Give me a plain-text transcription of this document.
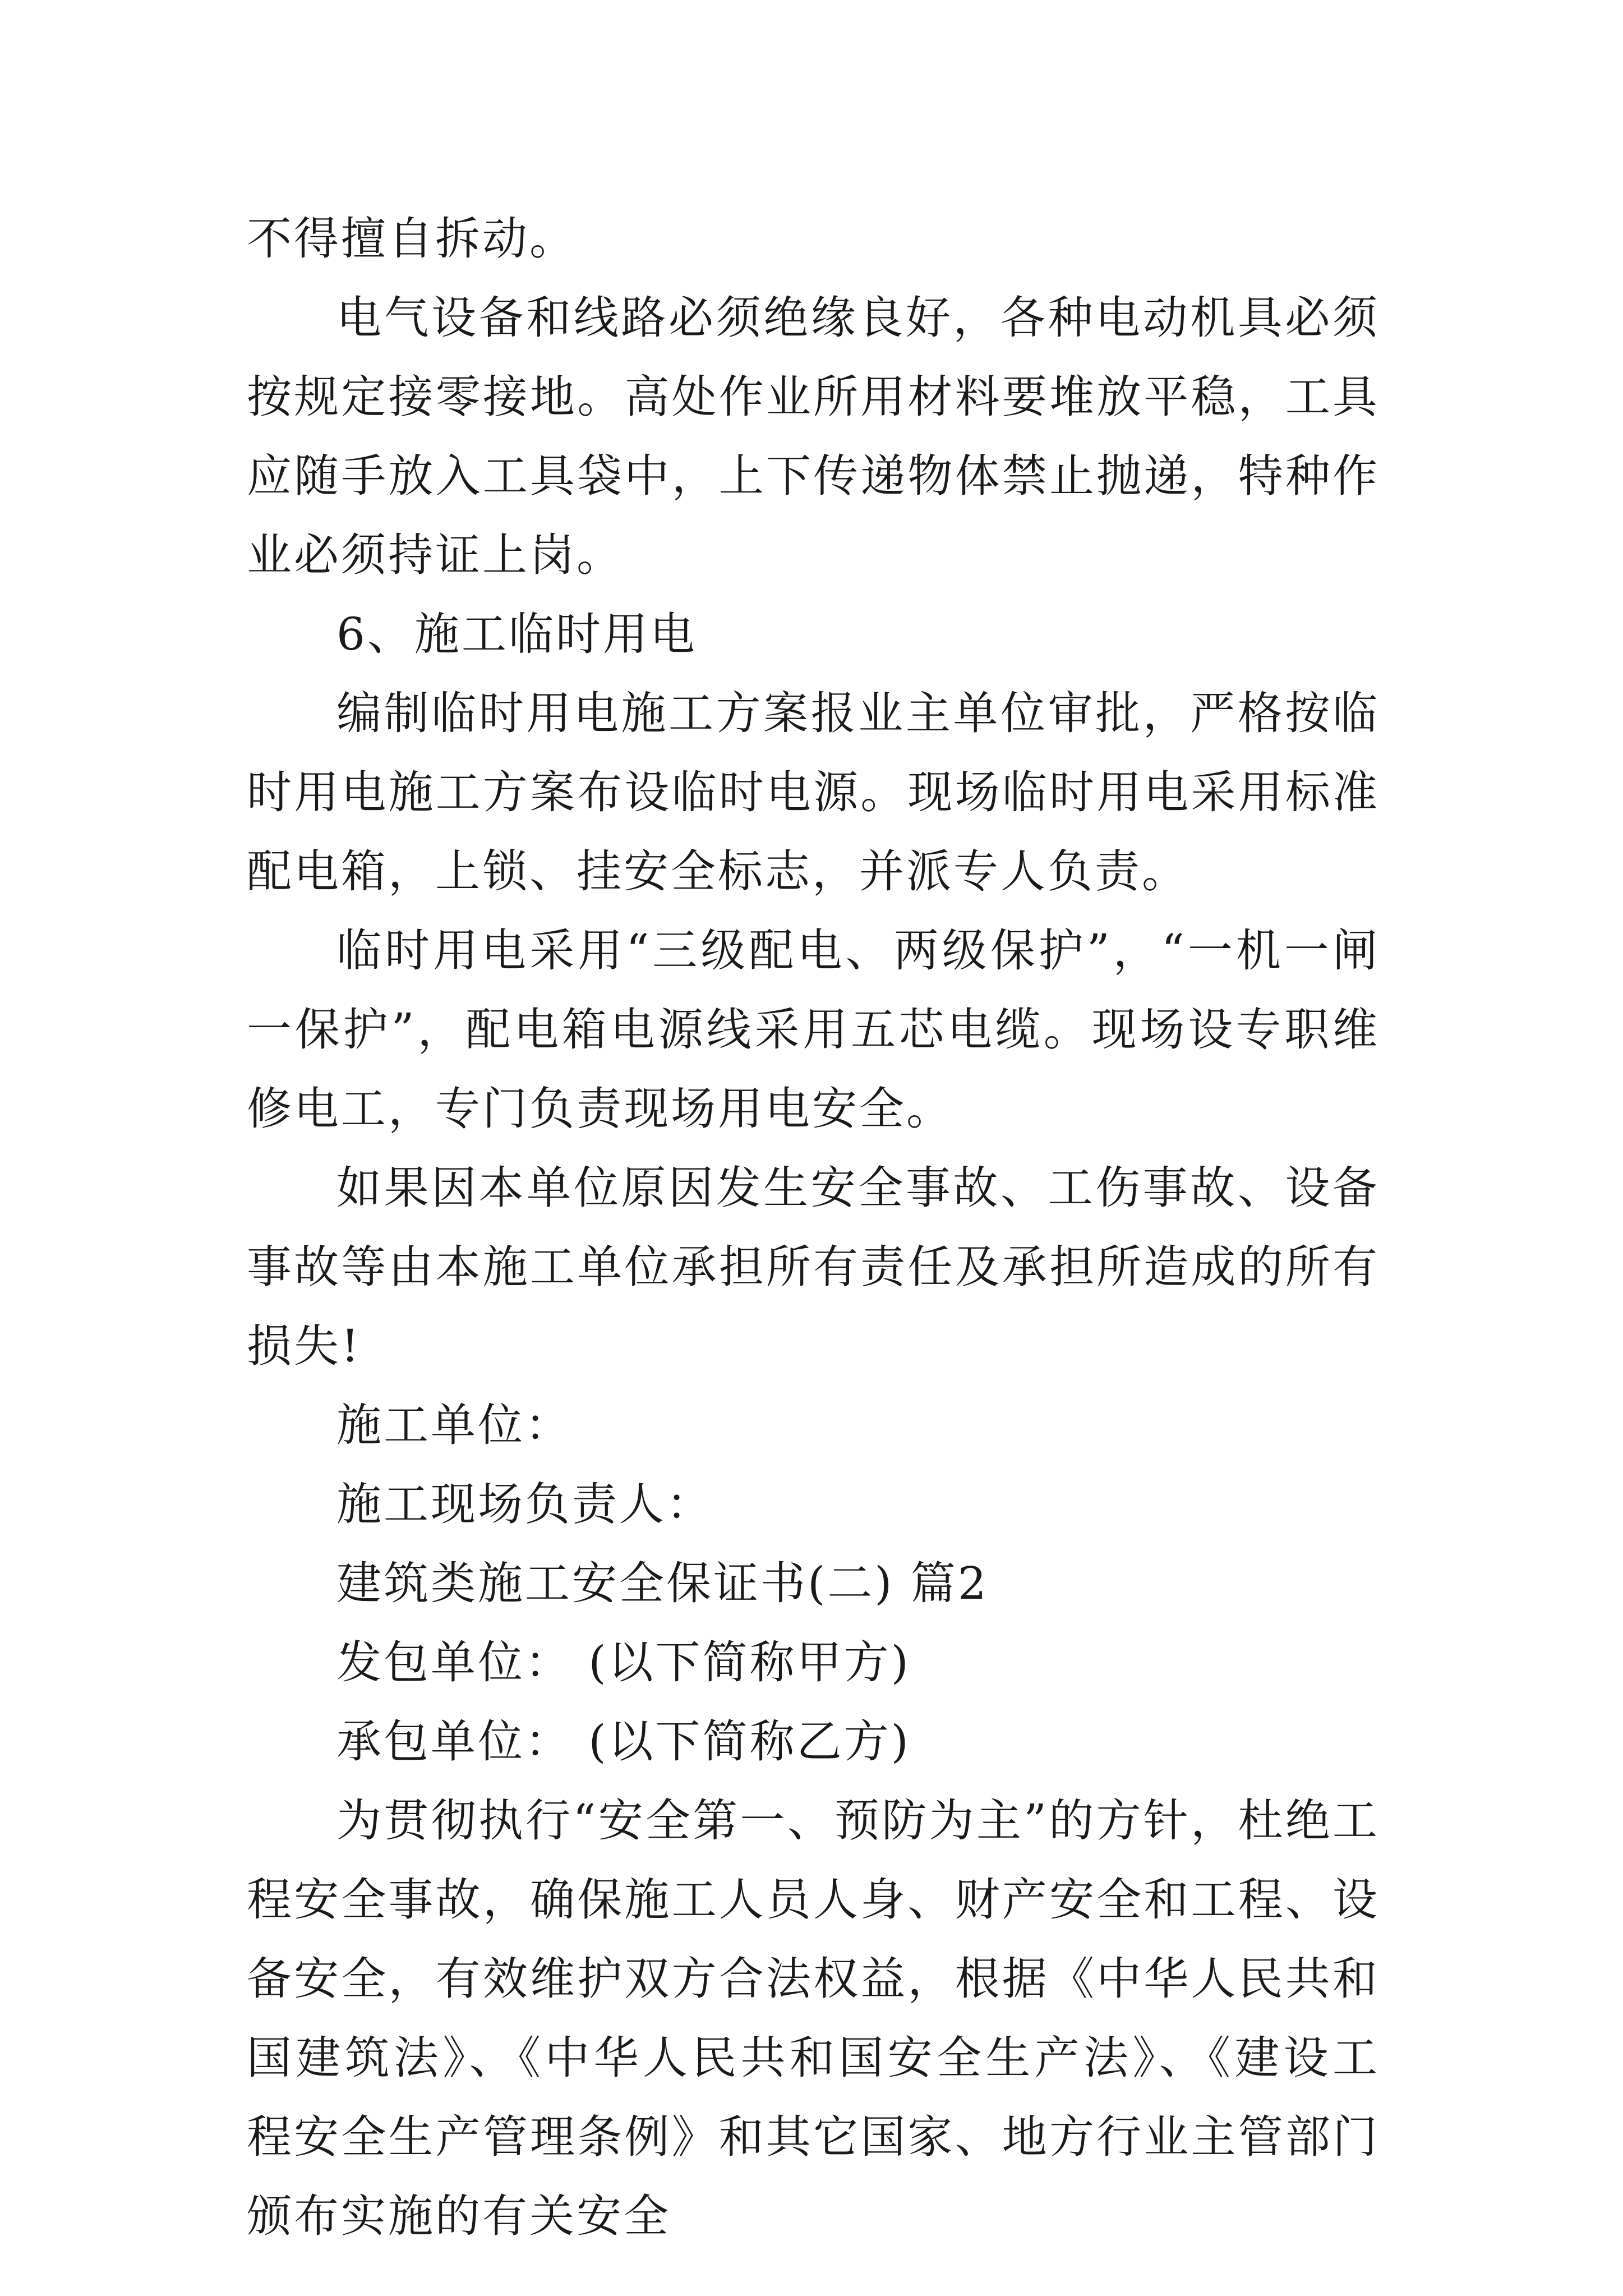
不得擅自拆动。

电气设备和线路必须绝缘良好，各种电动机具必须按规定接零接地。高处作业所用材料要堆放平稳，工具应随手放入工具袋中，上下传递物体禁止抛递，特种作业必须持证上岗。

6、施工临时用电

编制临时用电施工方案报业主单位审批，严格按临时用电施工方案布设临时电源。现场临时用电采用标准配电箱，上锁、挂安全标志，并派专人负责。

临时用电采用“三级配电、两级保护”，“一机一闸一保护”，配电箱电源线采用五芯电缆。现场设专职维修电工，专门负责现场用电安全。

如果因本单位原因发生安全事故、工伤事故、设备事故等由本施工单位承担所有责任及承担所造成的所有损失!

施工单位：

施工现场负责人：

建筑类施工安全保证书(二) 篇2

发包单位： (以下简称甲方)

承包单位： (以下简称乙方)

为贯彻执行“安全第一、预防为主”的方针，杜绝工程安全事故，确保施工人员人身、财产安全和工程、设备安全，有效维护双方合法权益，根据《中华人民共和国建筑法》、《中华人民共和国安全生产法》、《建设工程安全生产管理条例》和其它国家、地方行业主管部门颁布实施的有关安全
